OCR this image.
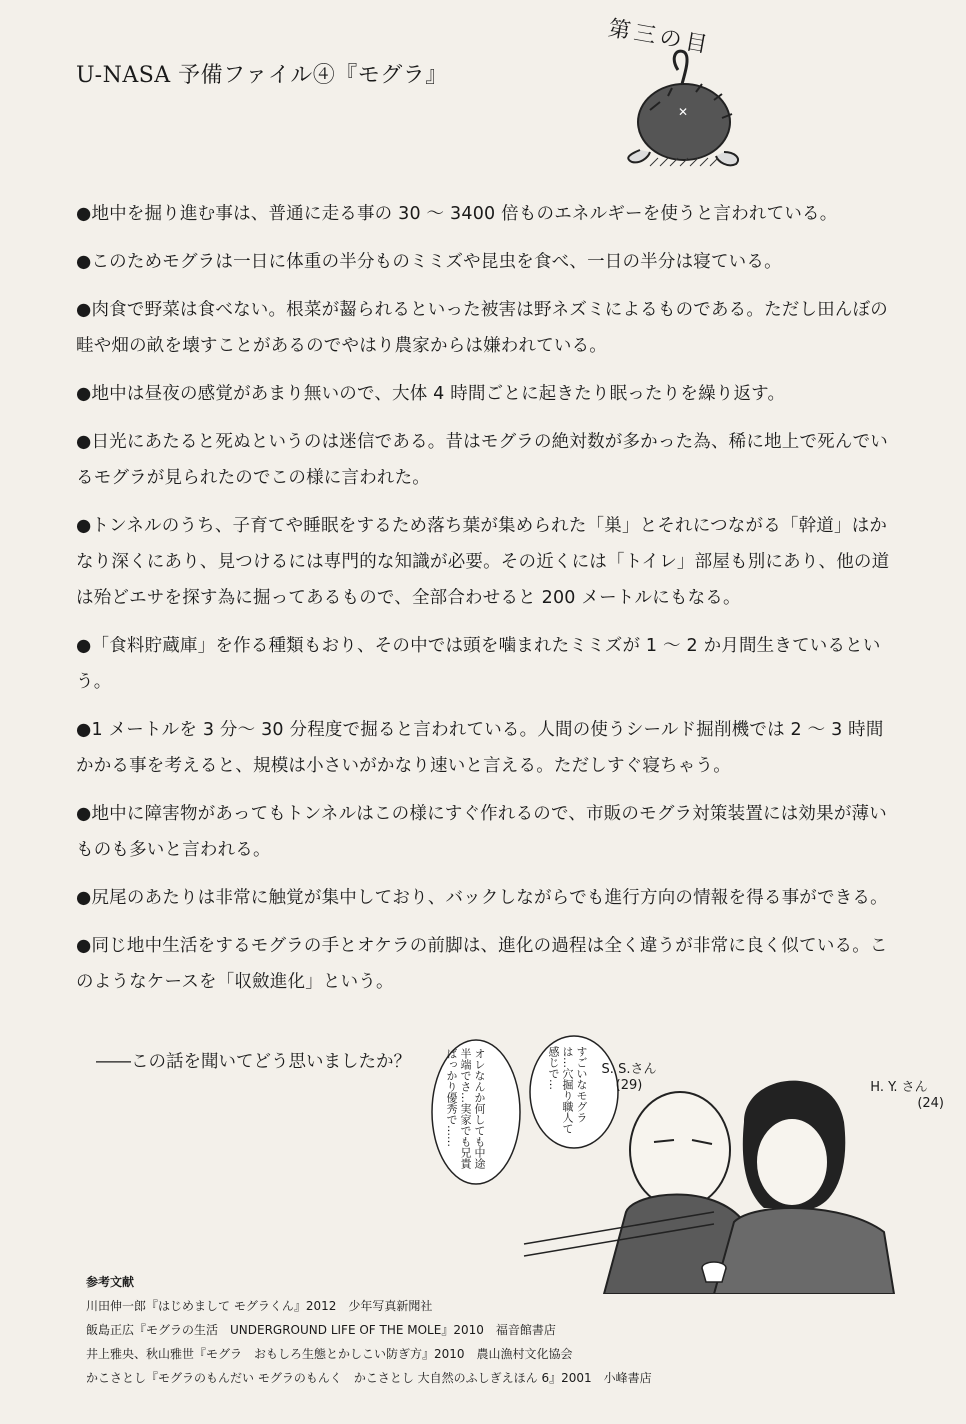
U-NASA 予備ファイル④『モグラ』
第三の目
✕

●地中を掘り進む事は、普通に走る事の 30 ～ 3400 倍ものエネルギーを使うと言われている。

●このためモグラは一日に体重の半分ものミミズや昆虫を食べ、一日の半分は寝ている。

●肉食で野菜は食べない。根菜が齧られるといった被害は野ネズミによるものである。ただし田んぼの畦や畑の畝を壊すことがあるのでやはり農家からは嫌われている。

●地中は昼夜の感覚があまり無いので、大体 4 時間ごとに起きたり眠ったりを繰り返す。

●日光にあたると死ぬというのは迷信である。昔はモグラの絶対数が多かった為、稀に地上で死んでいるモグラが見られたのでこの様に言われた。

●トンネルのうち、子育てや睡眠をするため落ち葉が集められた「巣」とそれにつながる「幹道」はかなり深くにあり、見つけるには専門的な知識が必要。その近くには「トイレ」部屋も別にあり、他の道は殆どエサを探す為に掘ってあるもので、全部合わせると 200 メートルにもなる。

●「食料貯蔵庫」を作る種類もおり、その中では頭を噛まれたミミズが 1 ～ 2 か月間生きているという。

●1 メートルを 3 分～ 30 分程度で掘ると言われている。人間の使うシールド掘削機では 2 ～ 3 時間かかる事を考えると、規模は小さいがかなり速いと言える。ただしすぐ寝ちゃう。

●地中に障害物があってもトンネルはこの様にすぐ作れるので、市販のモグラ対策装置には効果が薄いものも多いと言われる。

●尻尾のあたりは非常に触覚が集中しており、バックしながらでも進行方向の情報を得る事ができる。

●同じ地中生活をするモグラの手とオケラの前脚は、進化の過程は全く違うが非常に良く似ている。このようなケースを「収斂進化」という。

――この話を聞いてどう思いましたか？	オレなんか何しても中途半端でさ…実家でも兄貴ばっかり優秀で……	すごいなモグラは…穴掘り職人て感じで…	S. S.さん
(29)	H. Y. さん
(24)
参考文献
川田伸一郎『はじめまして モグラくん』2012　少年写真新聞社
飯島正広『モグラの生活　UNDERGROUND LIFE OF THE MOLE』2010　福音館書店
井上雅央、秋山雅世『モグラ　おもしろ生態とかしこい防ぎ方』2010　農山漁村文化協会
かこさとし『モグラのもんだい モグラのもんく　かこさとし 大自然のふしぎえほん 6』2001　小峰書店
